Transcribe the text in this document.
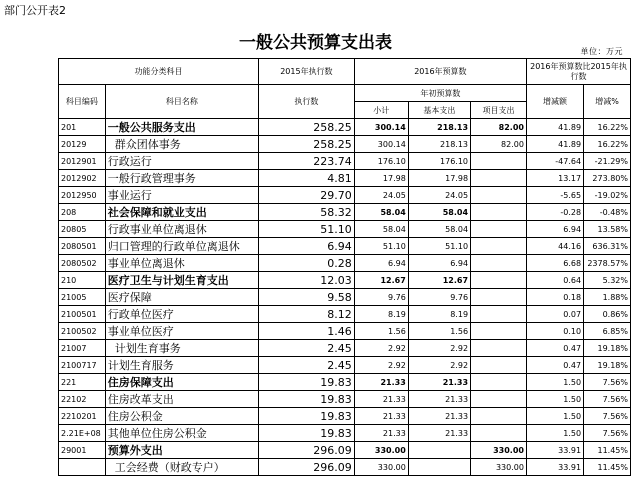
部门公开表2
一般公共预算支出表	单位：万元
功能分类科目		2015年执行数	2016年预算数			2016年预算数比2015年执行数	
科目编码	科目名称	执行数	年初预算数			增减额	增减%
			小计	基本支出	项目支出		
201	一般公共服务支出	258.25	300.14	218.13	82.00	41.89	16.22%
20129	群众团体事务	258.25	300.14	218.13	82.00	41.89	16.22%
2012901	行政运行	223.74	176.10	176.10		-47.64	-21.29%
2012902	一般行政管理事务	4.81	17.98	17.98		13.17	273.80%
2012950	事业运行	29.70	24.05	24.05		-5.65	-19.02%
208	社会保障和就业支出	58.32	58.04	58.04		-0.28	-0.48%
20805	行政事业单位离退休	51.10	58.04	58.04		6.94	13.58%
2080501	归口管理的行政单位离退休	6.94	51.10	51.10		44.16	636.31%
2080502	事业单位离退休	0.28	6.94	6.94		6.68	2378.57%
210	医疗卫生与计划生育支出	12.03	12.67	12.67		0.64	5.32%
21005	医疗保障	9.58	9.76	9.76		0.18	1.88%
2100501	行政单位医疗	8.12	8.19	8.19		0.07	0.86%
2100502	事业单位医疗	1.46	1.56	1.56		0.10	6.85%
21007	计划生育事务	2.45	2.92	2.92		0.47	19.18%
2100717	计划生育服务	2.45	2.92	2.92		0.47	19.18%
221	住房保障支出	19.83	21.33	21.33		1.50	7.56%
22102	住房改革支出	19.83	21.33	21.33		1.50	7.56%
2210201	住房公积金	19.83	21.33	21.33		1.50	7.56%
2.21E+08	其他单位住房公积金	19.83	21.33	21.33		1.50	7.56%
29001	预算外支出	296.09	330.00		330.00	33.91	11.45%
	工会经费（财政专户）	296.09	330.00		330.00	33.91	11.45%
